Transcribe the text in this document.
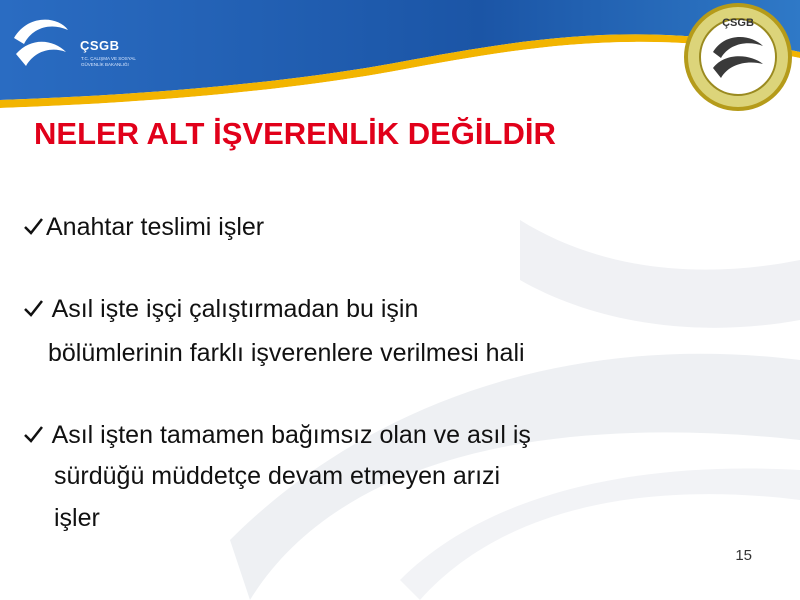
ÇSGB
T.C. ÇALIŞMA VE SOSYAL GÜVENLİK BAKANLIĞI
ÇSGB
NELER ALT İŞVERENLİK DEĞİLDİR
Anahtar teslimi işler
Asıl işte işçi çalıştırmadan bu işin
bölümlerinin farklı işverenlere verilmesi hali
Asıl işten tamamen bağımsız olan ve asıl iş
sürdüğü müddetçe devam etmeyen arızi
işler
15
